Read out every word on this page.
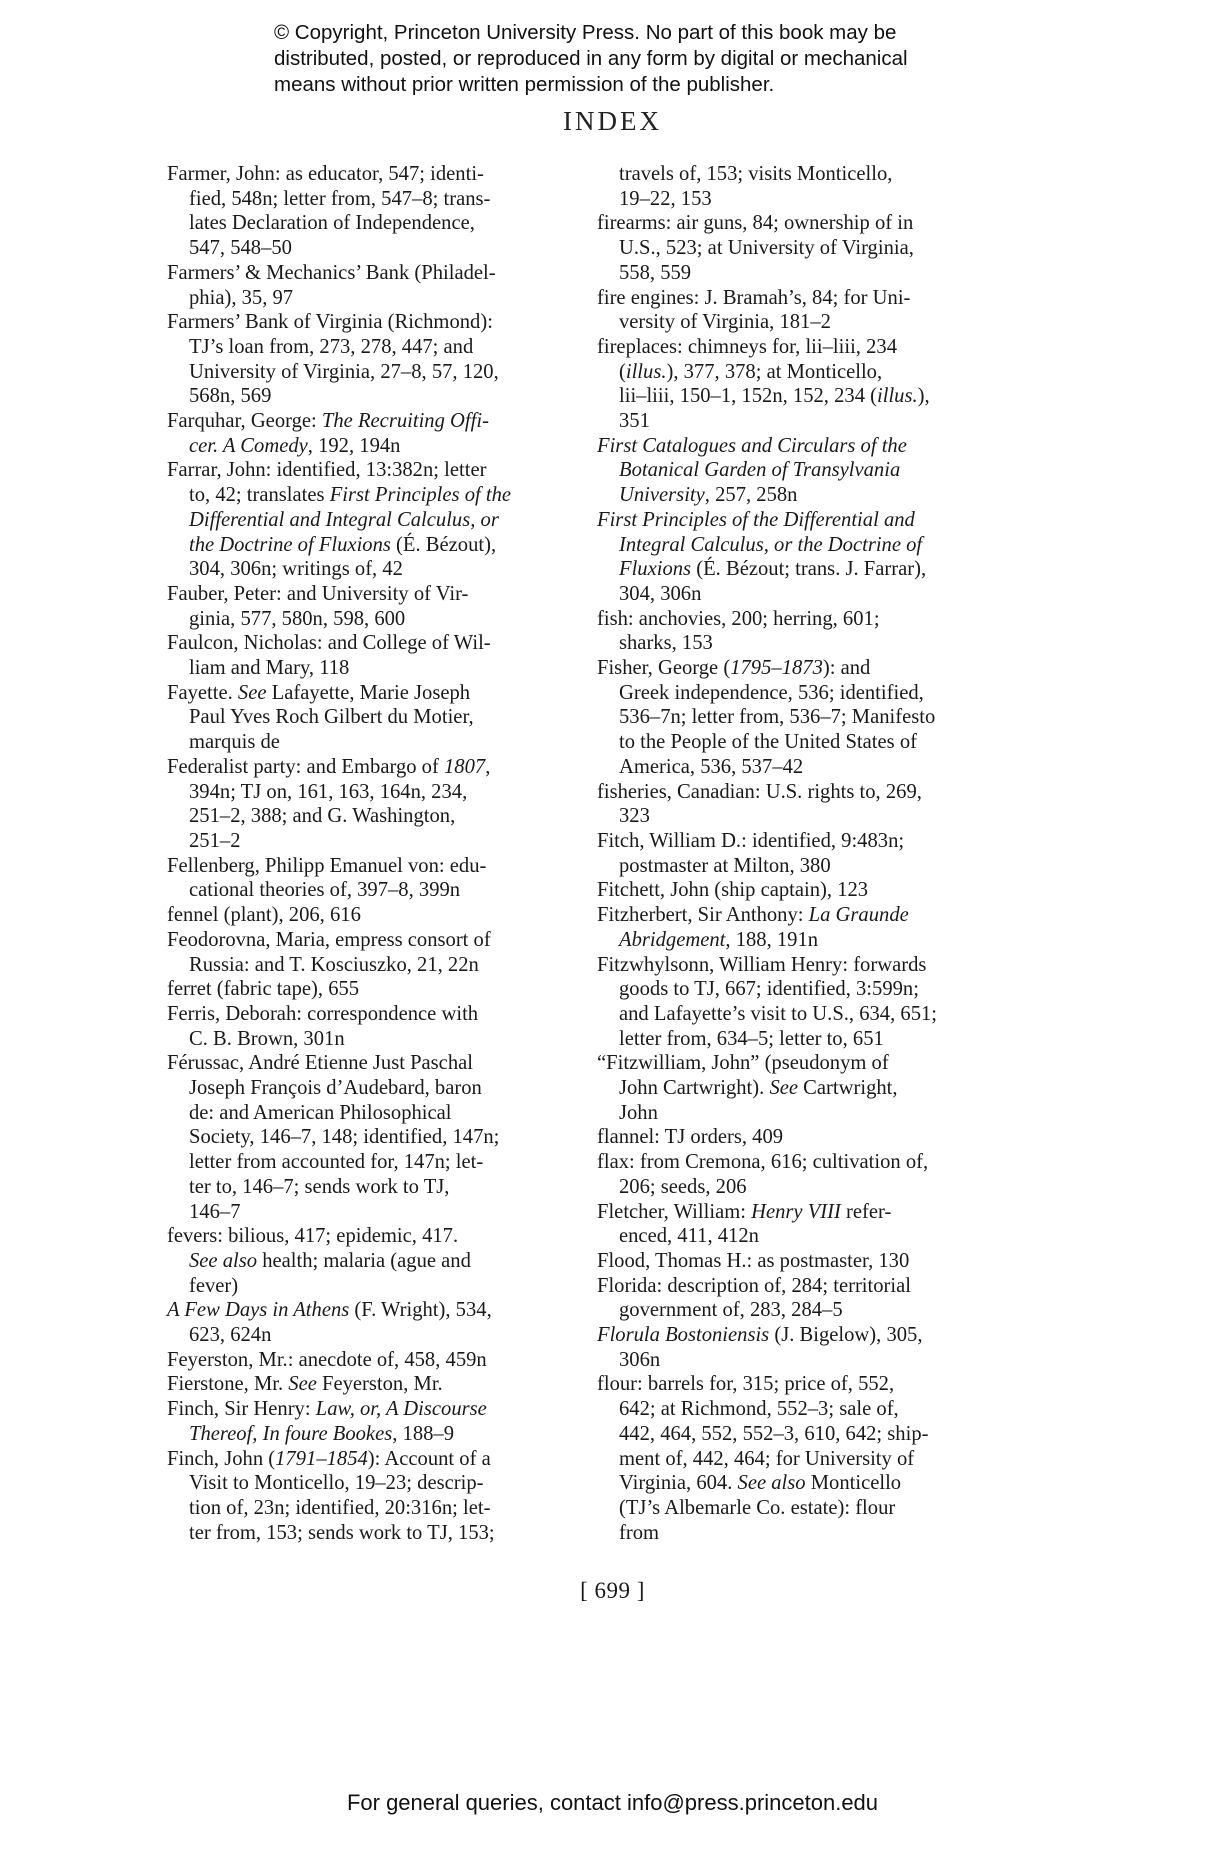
© Copyright, Princeton University Press. No part of this book may be
distributed, posted, or reproduced in any form by digital or mechanical
means without prior written permission of the publisher.
INDEX
Farmer, John: as educator, 547; identi-
fied, 548n; letter from, 547–8; trans-
lates Declaration of Independence,
547, 548–50
Farmers’ & Mechanics’ Bank (Philadel-
phia), 35, 97
Farmers’ Bank of Virginia (Richmond):
TJ’s loan from, 273, 278, 447; and
University of Virginia, 27–8, 57, 120,
568n, 569
Farquhar, George: The Recruiting Offi-
cer. A Comedy, 192, 194n
Farrar, John: identified, 13:382n; letter
to, 42; translates First Principles of the
Differential and Integral Calculus, or
the Doctrine of Fluxions (É. Bézout),
304, 306n; writings of, 42
Fauber, Peter: and University of Vir-
ginia, 577, 580n, 598, 600
Faulcon, Nicholas: and College of Wil-
liam and Mary, 118
Fayette. See Lafayette, Marie Joseph
Paul Yves Roch Gilbert du Motier,
marquis de
Federalist party: and Embargo of 1807,
394n; TJ on, 161, 163, 164n, 234,
251–2, 388; and G. Washington,
251–2
Fellenberg, Philipp Emanuel von: edu-
cational theories of, 397–8, 399n
fennel (plant), 206, 616
Feodorovna, Maria, empress consort of
Russia: and T. Kosciuszko, 21, 22n
ferret (fabric tape), 655
Ferris, Deborah: correspondence with
C. B. Brown, 301n
Férussac, André Etienne Just Paschal
Joseph François d’Audebard, baron
de: and American Philosophical
Society, 146–7, 148; identified, 147n;
letter from accounted for, 147n; let-
ter to, 146–7; sends work to TJ,
146–7
fevers: bilious, 417; epidemic, 417.
See also health; malaria (ague and
fever)
A Few Days in Athens (F. Wright), 534,
623, 624n
Feyerston, Mr.: anecdote of, 458, 459n
Fierstone, Mr. See Feyerston, Mr.
Finch, Sir Henry: Law, or, A Discourse
Thereof, In foure Bookes, 188–9
Finch, John (1791–1854): Account of a
Visit to Monticello, 19–23; descrip-
tion of, 23n; identified, 20:316n; let-
ter from, 153; sends work to TJ, 153;
travels of, 153; visits Monticello,
19–22, 153
firearms: air guns, 84; ownership of in
U.S., 523; at University of Virginia,
558, 559
fire engines: J. Bramah’s, 84; for Uni-
versity of Virginia, 181–2
fireplaces: chimneys for, lii–liii, 234
(illus.), 377, 378; at Monticello,
lii–liii, 150–1, 152n, 152, 234 (illus.),
351
First Catalogues and Circulars of the
Botanical Garden of Transylvania
University, 257, 258n
First Principles of the Differential and
Integral Calculus, or the Doctrine of
Fluxions (É. Bézout; trans. J. Farrar),
304, 306n
fish: anchovies, 200; herring, 601;
sharks, 153
Fisher, George (1795–1873): and
Greek independence, 536; identified,
536–7n; letter from, 536–7; Manifesto
to the People of the United States of
America, 536, 537–42
fisheries, Canadian: U.S. rights to, 269,
323
Fitch, William D.: identified, 9:483n;
postmaster at Milton, 380
Fitchett, John (ship captain), 123
Fitzherbert, Sir Anthony: La Graunde
Abridgement, 188, 191n
Fitzwhylsonn, William Henry: forwards
goods to TJ, 667; identified, 3:599n;
and Lafayette’s visit to U.S., 634, 651;
letter from, 634–5; letter to, 651
“Fitzwilliam, John” (pseudonym of
John Cartwright). See Cartwright,
John
flannel: TJ orders, 409
flax: from Cremona, 616; cultivation of,
206; seeds, 206
Fletcher, William: Henry VIII refer-
enced, 411, 412n
Flood, Thomas H.: as postmaster, 130
Florida: description of, 284; territorial
government of, 283, 284–5
Florula Bostoniensis (J. Bigelow), 305,
306n
flour: barrels for, 315; price of, 552,
642; at Richmond, 552–3; sale of,
442, 464, 552, 552–3, 610, 642; ship-
ment of, 442, 464; for University of
Virginia, 604. See also Monticello
(TJ’s Albemarle Co. estate): flour
from
[ 699 ]
For general queries, contact info@press.princeton.edu
